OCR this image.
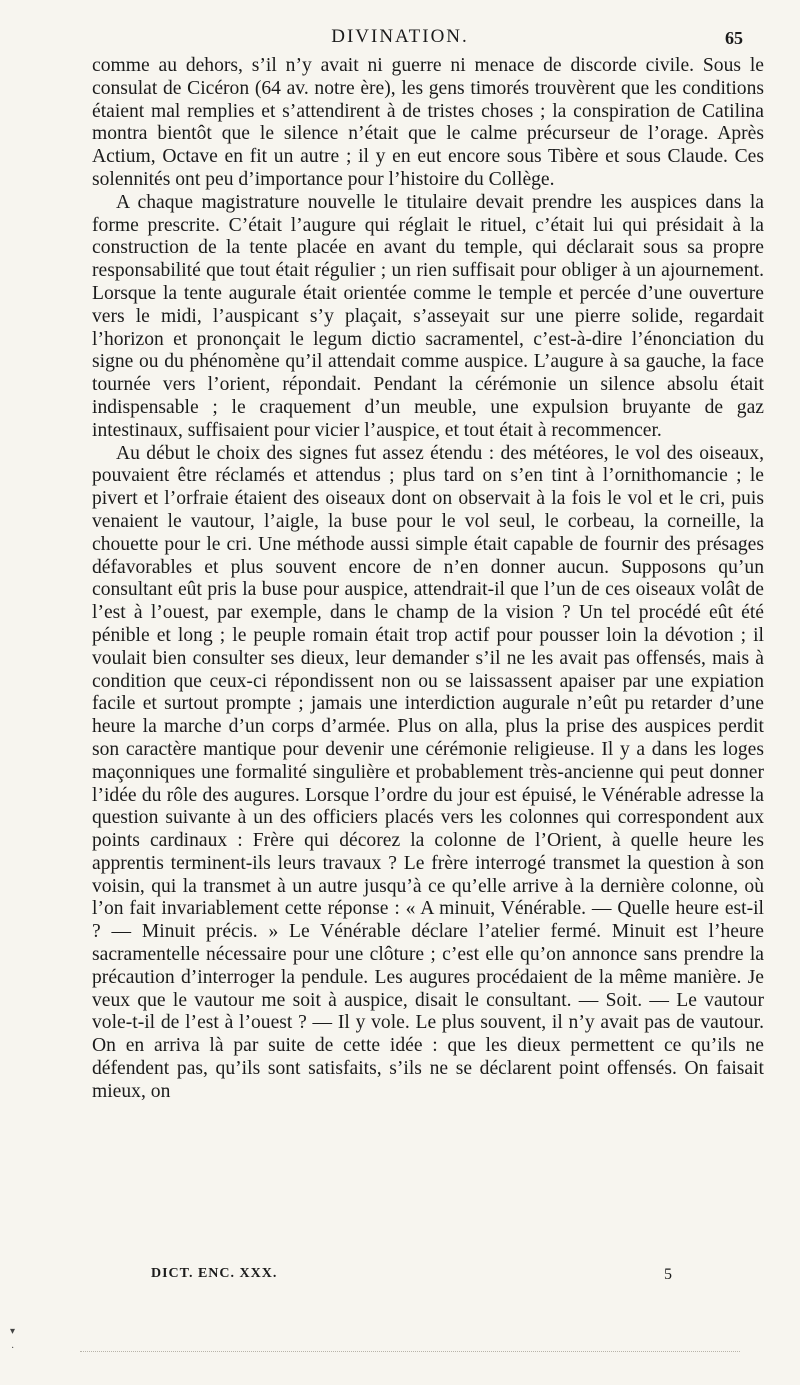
DIVINATION.	65

comme au dehors, s’il n’y avait ni guerre ni menace de discorde civile. Sous le consulat de Cicéron (64 av. notre ère), les gens timorés trouvèrent que les conditions étaient mal remplies et s’attendirent à de tristes choses ; la conspiration de Catilina montra bientôt que le silence n’était que le calme précurseur de l’orage. Après Actium, Octave en fit un autre ; il y en eut encore sous Tibère et sous Claude. Ces solennités ont peu d’importance pour l’histoire du Collège.

A chaque magistrature nouvelle le titulaire devait prendre les auspices dans la forme prescrite. C’était l’augure qui réglait le rituel, c’était lui qui présidait à la construction de la tente placée en avant du temple, qui déclarait sous sa propre responsabilité que tout était régulier ; un rien suffisait pour obliger à un ajournement. Lorsque la tente augurale était orientée comme le temple et percée d’une ouverture vers le midi, l’auspicant s’y plaçait, s’asseyait sur une pierre solide, regardait l’horizon et prononçait le legum dictio sacramentel, c’est-à-dire l’énonciation du signe ou du phénomène qu’il attendait comme auspice. L’augure à sa gauche, la face tournée vers l’orient, répondait. Pendant la cérémonie un silence absolu était indispensable ; le craquement d’un meuble, une expulsion bruyante de gaz intestinaux, suffisaient pour vicier l’auspice, et tout était à recommencer.

Au début le choix des signes fut assez étendu : des météores, le vol des oiseaux, pouvaient être réclamés et attendus ; plus tard on s’en tint à l’ornithomancie ; le pivert et l’orfraie étaient des oiseaux dont on observait à la fois le vol et le cri, puis venaient le vautour, l’aigle, la buse pour le vol seul, le corbeau, la corneille, la chouette pour le cri. Une méthode aussi simple était capable de fournir des présages défavorables et plus souvent encore de n’en donner aucun. Supposons qu’un consultant eût pris la buse pour auspice, attendrait-il que l’un de ces oiseaux volât de l’est à l’ouest, par exemple, dans le champ de la vision ? Un tel procédé eût été pénible et long ; le peuple romain était trop actif pour pousser loin la dévotion ; il voulait bien consulter ses dieux, leur demander s’il ne les avait pas offensés, mais à condition que ceux-ci répondissent non ou se laissassent apaiser par une expiation facile et surtout prompte ; jamais une interdiction augurale n’eût pu retarder d’une heure la marche d’un corps d’armée. Plus on alla, plus la prise des auspices perdit son caractère mantique pour devenir une cérémonie religieuse. Il y a dans les loges maçonniques une formalité singulière et probablement très-ancienne qui peut donner l’idée du rôle des augures. Lorsque l’ordre du jour est épuisé, le Vénérable adresse la question suivante à un des officiers placés vers les colonnes qui correspondent aux points cardinaux : Frère qui décorez la colonne de l’Orient, à quelle heure les apprentis terminent-ils leurs travaux ? Le frère interrogé transmet la question à son voisin, qui la transmet à un autre jusqu’à ce qu’elle arrive à la dernière colonne, où l’on fait invariablement cette réponse : « A minuit, Vénérable. — Quelle heure est-il ? — Minuit précis. » Le Vénérable déclare l’atelier fermé. Minuit est l’heure sacramentelle nécessaire pour une clôture ; c’est elle qu’on annonce sans prendre la précaution d’interroger la pendule. Les augures procédaient de la même manière. Je veux que le vautour me soit à auspice, disait le consultant. — Soit. — Le vautour vole-t-il de l’est à l’ouest ? — Il y vole. Le plus souvent, il n’y avait pas de vautour. On en arriva là par suite de cette idée : que les dieux permettent ce qu’ils ne défendent pas, qu’ils sont satisfaits, s’ils ne se déclarent point offensés. On faisait mieux, on

DICT. ENC. XXX.	5
▾
·
